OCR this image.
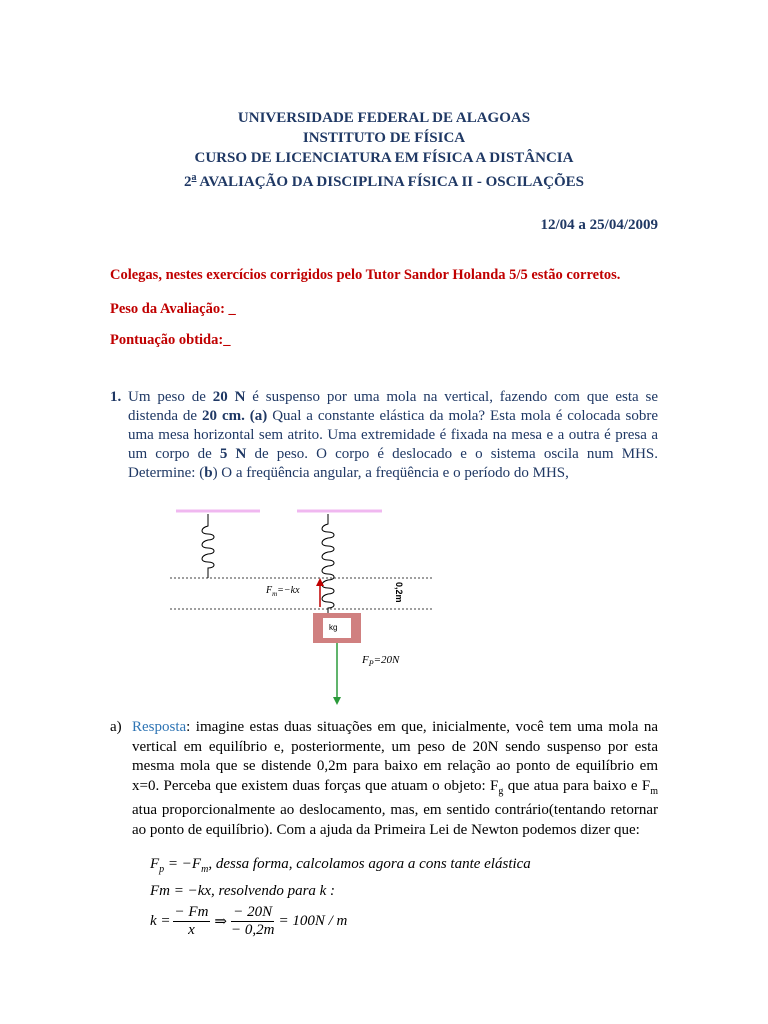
UNIVERSIDADE FEDERAL DE ALAGOAS
INSTITUTO DE FÍSICA
CURSO DE LICENCIATURA EM FÍSICA A DISTÂNCIA
2$^a$ AVALIAÇÃO DA DISCIPLINA FÍSICA II - OSCILAÇÕES
12/04 a 25/04/2009
Colegas, nestes exercícios corrigidos pelo Tutor Sandor Holanda 5/5 estão corretos.
Peso da Avaliação: _
Pontuação obtida:_
1. Um peso de 20 N é suspenso por uma mola na vertical, fazendo com que esta se distenda de 20 cm. (a) Qual a constante elástica da mola? Esta mola é colocada sobre uma mesa horizontal sem atrito. Uma extremidade é fixada na mesa e a outra é presa a um corpo de 5 N de peso. O corpo é deslocado e o sistema oscila num MHS. Determine: (b) O a freqüência angular, a freqüência e o período do MHS,
$F_m=-kx$	0,2m
kg
$F_P=20N$
a) Resposta: imagine estas duas situações em que, inicialmente, você tem uma mola na vertical em equilíbrio e, posteriormente, um peso de 20N sendo suspenso por esta mesma mola que se distende 0,2m para baixo em relação ao ponto de equilíbrio em x=0. Perceba que existem duas forças que atuam o objeto: $F_g$ que atua para baixo e $F_m$ atua proporcionalmente ao deslocamento, mas, em sentido contrário(tentando retornar ao ponto de equilíbrio). Com a ajuda da Primeira Lei de Newton podemos dizer que:
$F_p = -F_m$, dessa forma, calcolamos agora a cons tante elástica
Fm = −kx, resolvendo para k :
$k = \frac{- Fm}{x}$ ⇒ $\frac{- 20N}{- 0,2m} = 100N / m$
